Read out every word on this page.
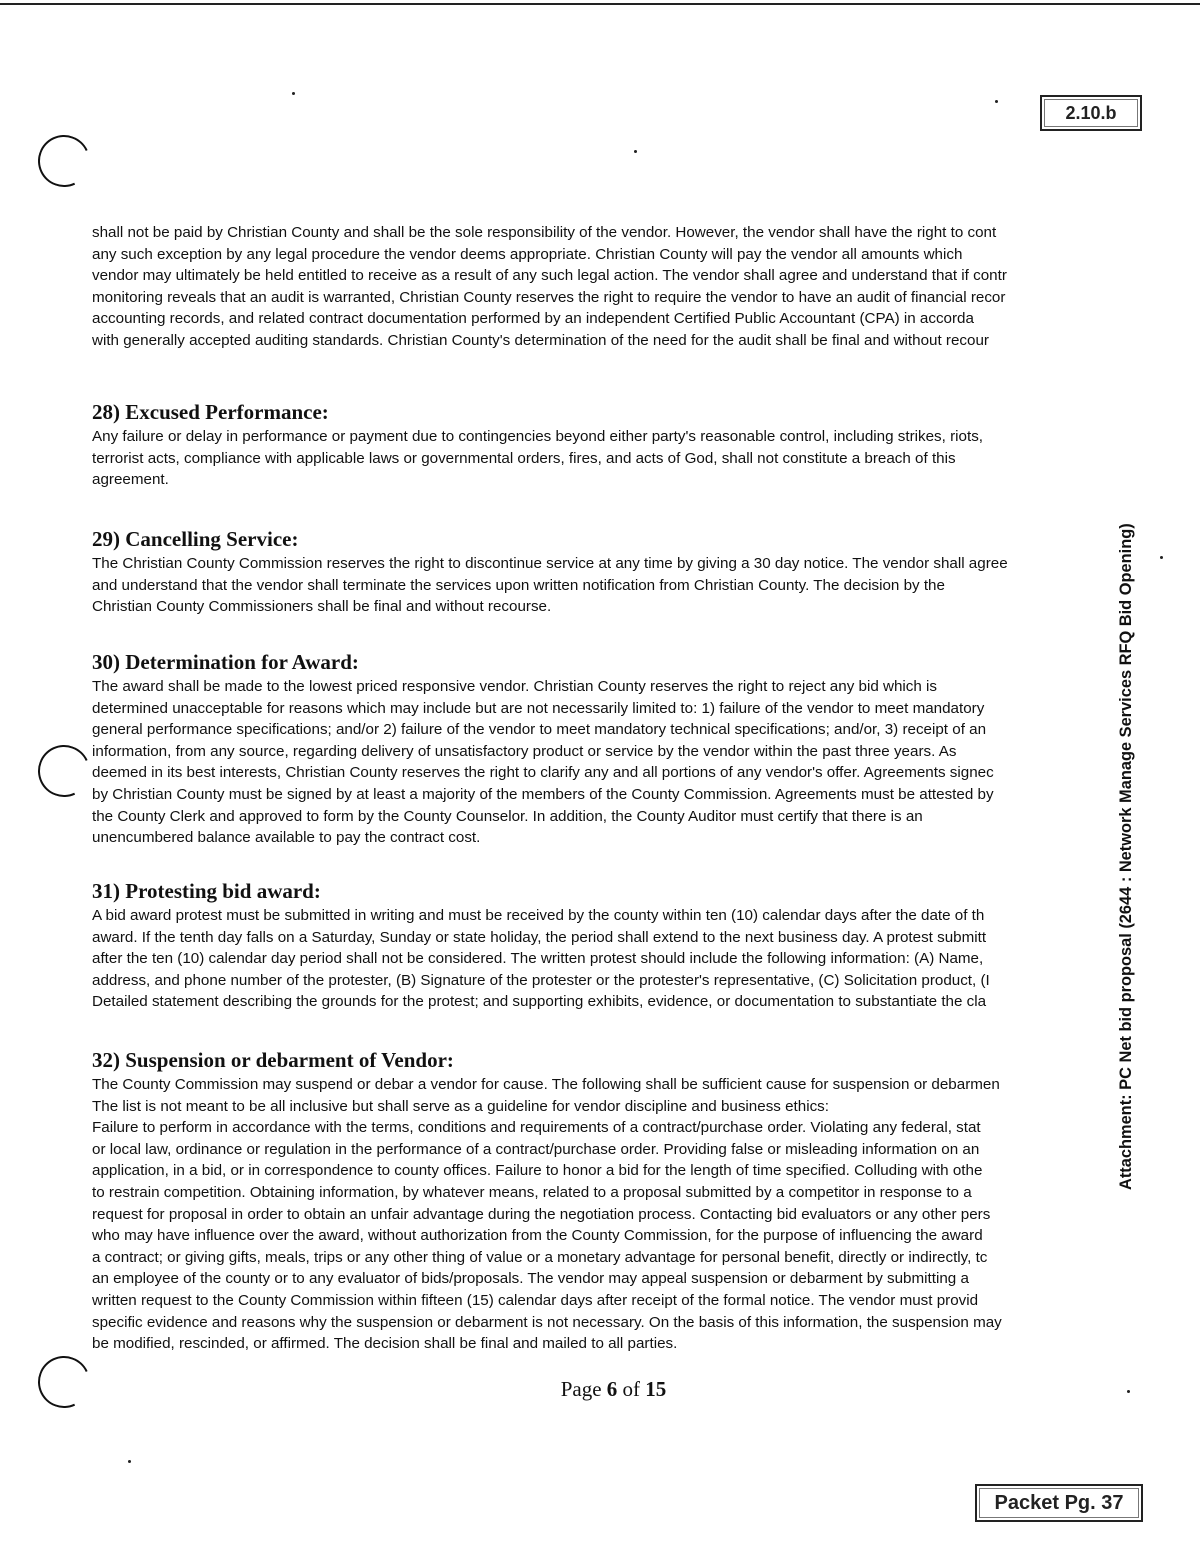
2.10.b

shall not be paid by Christian County and shall be the sole responsibility of the vendor. However, the vendor shall have the right to cont
any such exception by any legal procedure the vendor deems appropriate. Christian County will pay the vendor all amounts which
vendor may ultimately be held entitled to receive as a result of any such legal action. The vendor shall agree and understand that if contr
monitoring reveals that an audit is warranted, Christian County reserves the right to require the vendor to have an audit of financial recor
accounting records, and related contract documentation performed by an independent Certified Public Accountant (CPA) in accorda
with generally accepted auditing standards. Christian County's determination of the need for the audit shall be final and without recour

28) Excused Performance:

Any failure or delay in performance or payment due to contingencies beyond either party's reasonable control, including strikes, riots,
terrorist acts, compliance with applicable laws or governmental orders, fires, and acts of God, shall not constitute a breach of this
agreement.

29) Cancelling Service:

The Christian County Commission reserves the right to discontinue service at any time by giving a 30 day notice. The vendor shall agree
and understand that the vendor shall terminate the services upon written notification from Christian County. The decision by the
Christian County Commissioners shall be final and without recourse.

30) Determination for Award:

The award shall be made to the lowest priced responsive vendor. Christian County reserves the right to reject any bid which is
determined unacceptable for reasons which may include but are not necessarily limited to: 1) failure of the vendor to meet mandatory
general performance specifications; and/or 2) failure of the vendor to meet mandatory technical specifications; and/or, 3) receipt of an
information, from any source, regarding delivery of unsatisfactory product or service by the vendor within the past three years. As
deemed in its best interests, Christian County reserves the right to clarify any and all portions of any vendor's offer. Agreements signec
by Christian County must be signed by at least a majority of the members of the County Commission. Agreements must be attested by
the County Clerk and approved to form by the County Counselor. In addition, the County Auditor must certify that there is an
unencumbered balance available to pay the contract cost.

31) Protesting bid award:

A bid award protest must be submitted in writing and must be received by the county within ten (10) calendar days after the date of th
award. If the tenth day falls on a Saturday, Sunday or state holiday, the period shall extend to the next business day. A protest submitt
after the ten (10) calendar day period shall not be considered. The written protest should include the following information: (A) Name,
address, and phone number of the protester, (B) Signature of the protester or the protester's representative, (C) Solicitation product, (I
Detailed statement describing the grounds for the protest; and supporting exhibits, evidence, or documentation to substantiate the cla

32) Suspension or debarment of Vendor:

The County Commission may suspend or debar a vendor for cause. The following shall be sufficient cause for suspension or debarmen
The list is not meant to be all inclusive but shall serve as a guideline for vendor discipline and business ethics:
Failure to perform in accordance with the terms, conditions and requirements of a contract/purchase order. Violating any federal, stat
or local law, ordinance or regulation in the performance of a contract/purchase order. Providing false or misleading information on an
application, in a bid, or in correspondence to county offices. Failure to honor a bid for the length of time specified. Colluding with othe
to restrain competition. Obtaining information, by whatever means, related to a proposal submitted by a competitor in response to a
request for proposal in order to obtain an unfair advantage during the negotiation process. Contacting bid evaluators or any other pers
who may have influence over the award, without authorization from the County Commission, for the purpose of influencing the award
a contract; or giving gifts, meals, trips or any other thing of value or a monetary advantage for personal benefit, directly or indirectly, tc
an employee of the county or to any evaluator of bids/proposals. The vendor may appeal suspension or debarment by submitting a
written request to the County Commission within fifteen (15) calendar days after receipt of the formal notice. The vendor must provid
specific evidence and reasons why the suspension or debarment is not necessary. On the basis of this information, the suspension may
be modified, rescinded, or affirmed. The decision shall be final and mailed to all parties.

Page 6 of 15
Attachment: PC Net bid proposal (2644 : Network Manage Services RFQ Bid Opening)
Packet Pg. 37
